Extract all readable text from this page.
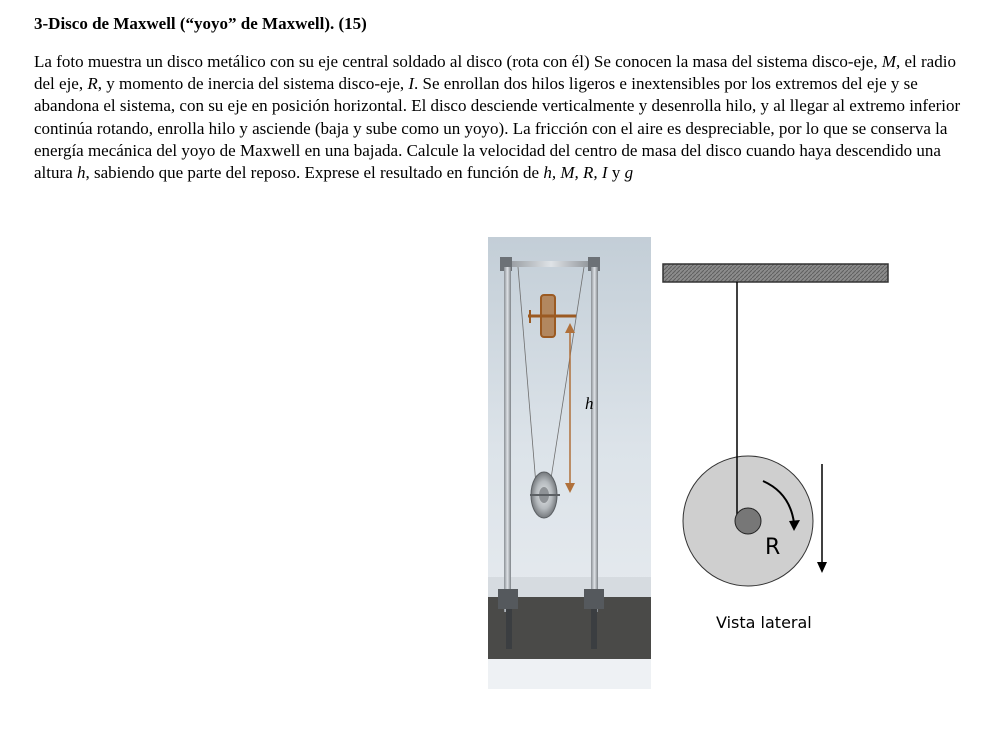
3-Disco de Maxwell (“yoyo” de Maxwell). (15)
La foto muestra un disco metálico con su eje central soldado al disco (rota con él) Se conocen la masa del sistema disco-eje, M, el radio del eje, R, y momento de inercia del sistema disco-eje, I. Se enrollan dos hilos ligeros e inextensibles por los extremos del eje y se abandona el sistema, con su eje en posición horizontal. El disco desciende verticalmente y desenrolla hilo, y al llegar al extremo inferior continúa rotando, enrolla hilo y asciende (baja y sube como un yoyo). La fricción con el aire es despreciable, por lo que se conserva la energía mecánica del yoyo de Maxwell en una bajada. Calcule la velocidad del centro de masa del disco cuando haya descendido una altura h, sabiendo que parte del reposo. Exprese el resultado en función de h, M, R, I y g
h
R
Vista lateral
